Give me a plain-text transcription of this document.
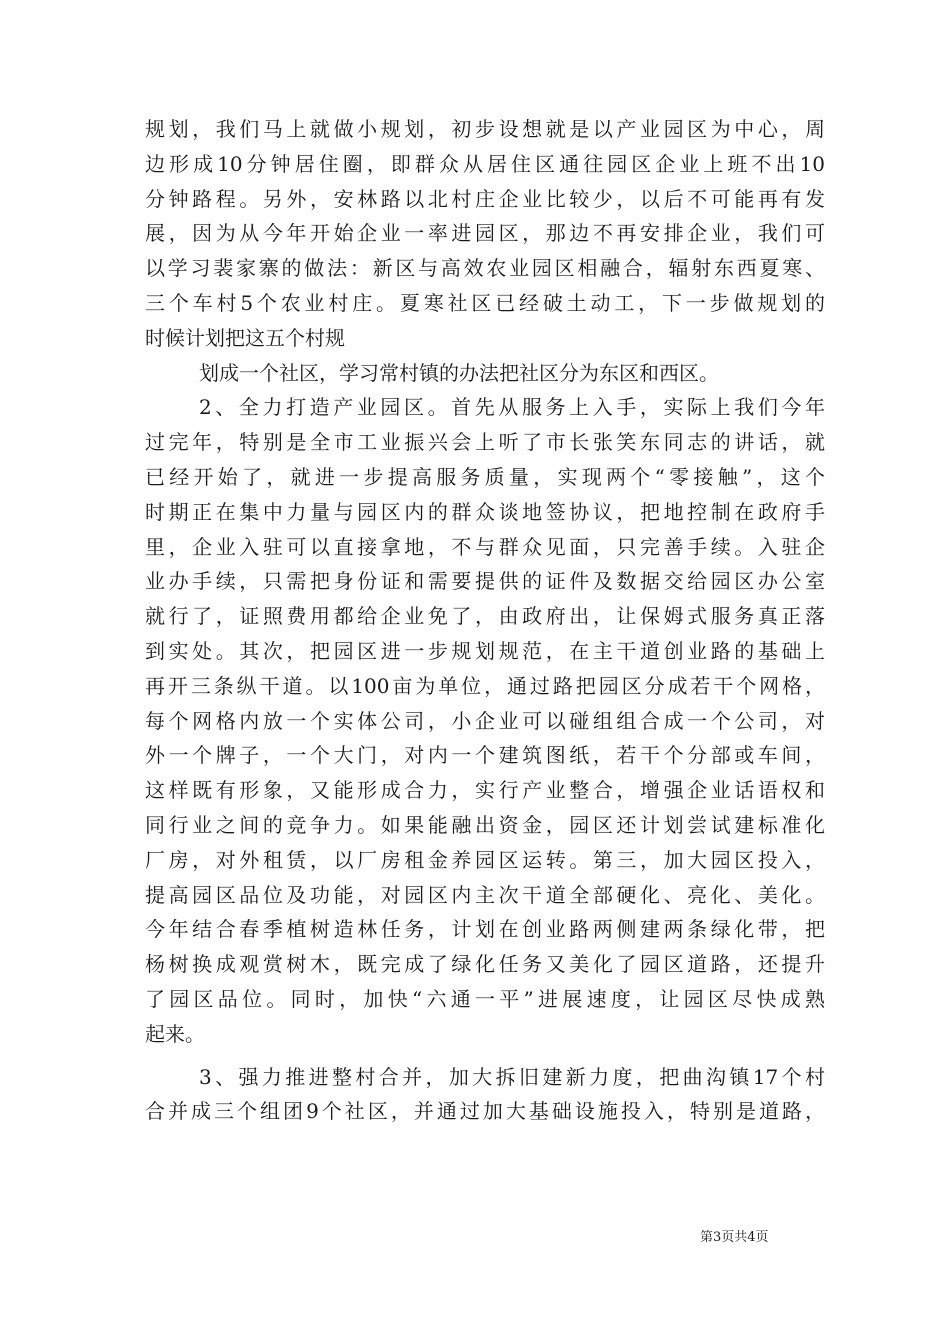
规划，我们马上就做小规划，初步设想就是以产业园区为中心，周
边形成10分钟居住圈，即群众从居住区通往园区企业上班不出10
分钟路程。另外，安林路以北村庄企业比较少，以后不可能再有发
展，因为从今年开始企业一率进园区，那边不再安排企业，我们可
以学习裴家寨的做法：新区与高效农业园区相融合，辐射东西夏寒、
三个车村5个农业村庄。夏寒社区已经破土动工，下一步做规划的
时候计划把这五个村规
划成一个社区，学习常村镇的办法把社区分为东区和西区。
2、全力打造产业园区。首先从服务上入手，实际上我们今年
过完年，特别是全市工业振兴会上听了市长张笑东同志的讲话，就
已经开始了，就进一步提高服务质量，实现两个“零接触”，这个
时期正在集中力量与园区内的群众谈地签协议，把地控制在政府手
里，企业入驻可以直接拿地，不与群众见面，只完善手续。入驻企
业办手续，只需把身份证和需要提供的证件及数据交给园区办公室
就行了，证照费用都给企业免了，由政府出，让保姆式服务真正落
到实处。其次，把园区进一步规划规范，在主干道创业路的基础上
再开三条纵干道。以100亩为单位，通过路把园区分成若干个网格，
每个网格内放一个实体公司，小企业可以碰组组合成一个公司，对
外一个牌子，一个大门，对内一个建筑图纸，若干个分部或车间，
这样既有形象，又能形成合力，实行产业整合，增强企业话语权和
同行业之间的竞争力。如果能融出资金，园区还计划尝试建标准化
厂房，对外租赁，以厂房租金养园区运转。第三，加大园区投入，
提高园区品位及功能，对园区内主次干道全部硬化、亮化、美化。
今年结合春季植树造林任务，计划在创业路两侧建两条绿化带，把
杨树换成观赏树木，既完成了绿化任务又美化了园区道路，还提升
了园区品位。同时，加快“六通一平”进展速度，让园区尽快成熟
起来。
3、强力推进整村合并，加大拆旧建新力度，把曲沟镇17个村
合并成三个组团9个社区，并通过加大基础设施投入，特别是道路，
第3页共4页
